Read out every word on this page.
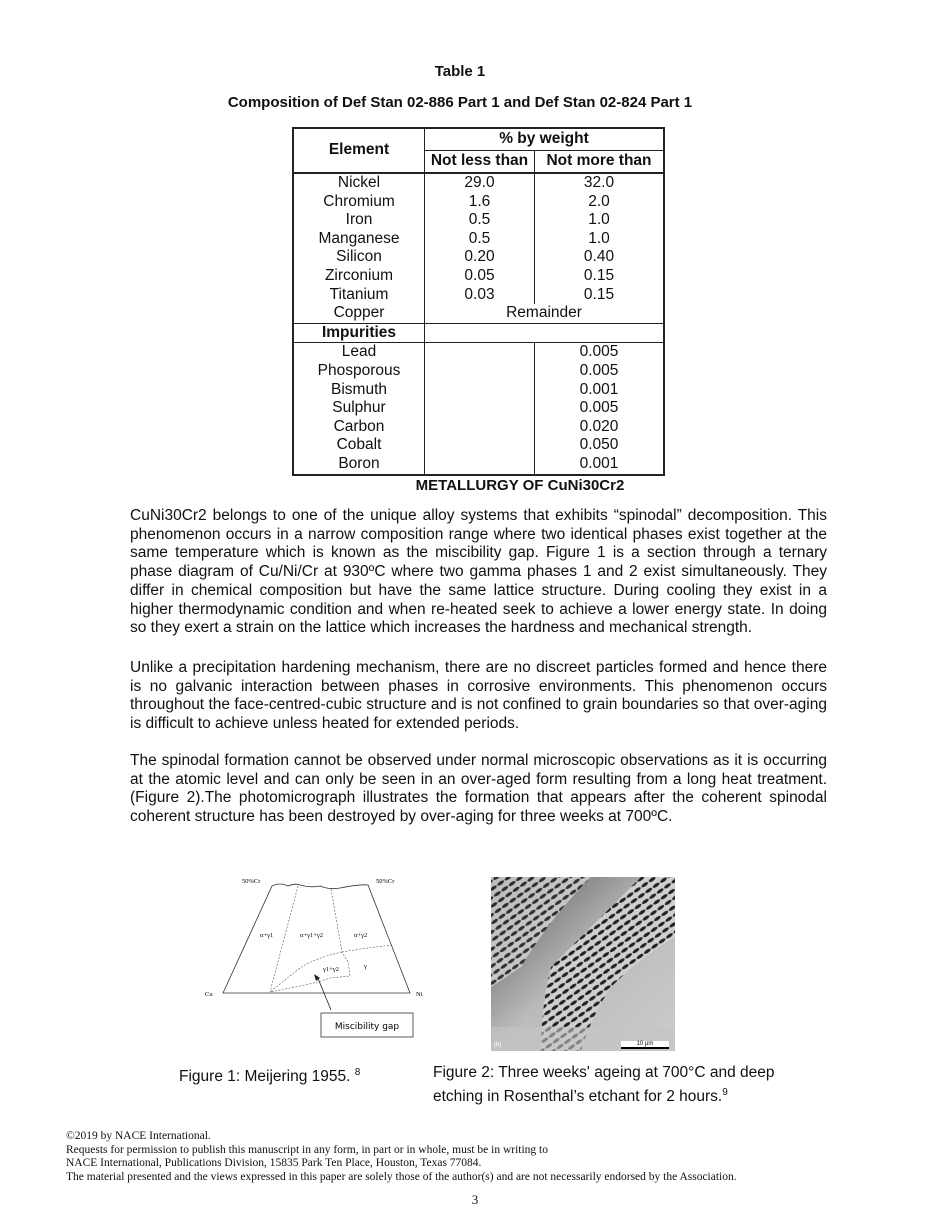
Table 1
Composition of Def Stan 02-886 Part 1 and Def Stan 02-824 Part 1
Element	% by weight	
	Not less than	Not more than
Nickel	29.0	32.0
Chromium	1.6	2.0
Iron	0.5	1.0
Manganese	0.5	1.0
Silicon	0.20	0.40
Zirconium	0.05	0.15
Titanium	0.03	0.15
Copper	Remainder	
Impurities		
Lead		0.005
Phosporous		0.005
Bismuth		0.001
Sulphur		0.005
Carbon		0.020
Cobalt		0.050
Boron		0.001
METALLURGY OF CuNi30Cr2

CuNi30Cr2 belongs to one of the unique alloy systems that exhibits “spinodal” decomposition. This phenomenon occurs in a narrow composition range where two identical phases exist together at the same temperature which is known as the miscibility gap. Figure 1 is a section through a ternary phase diagram of Cu/Ni/Cr at 930ºC where two gamma phases 1 and 2 exist simultaneously. They differ in chemical composition but have the same lattice structure. During cooling they exist in a higher thermodynamic condition and when re-heated seek to achieve a lower energy state. In doing so they exert a strain on the lattice which increases the hardness and mechanical strength.

Unlike a precipitation hardening mechanism, there are no discreet particles formed and hence there is no galvanic interaction between phases in corrosive environments. This phenomenon occurs throughout the face-centred-cubic structure and is not confined to grain boundaries so that over-aging is difficult to achieve unless heated for extended periods.

The spinodal formation cannot be observed under normal microscopic observations as it is occurring at the atomic level and can only be seen in an over-aged form resulting from a long heat treatment. (Figure 2).The photomicrograph illustrates the formation that appears after the coherent spinodal coherent structure has been destroyed by over-aging for three weeks at 700ºC.

50%Cr	50%Cr
Cu	Ni
α+γ1	α+γ1+γ2	α+γ2
γ1+γ2	γ
Miscibility gap
(b)	10 μm
Figure 1: Meijering 1955. $^8$	Figure 2: Three weeks' ageing at 700°C and deep etching in Rosenthal’s etchant for 2 hours.$^9$
©2019 by NACE International.
Requests for permission to publish this manuscript in any form, in part or in whole, must be in writing to
NACE International, Publications Division, 15835 Park Ten Place, Houston, Texas 77084.
The material presented and the views expressed in this paper are solely those of the author(s) and are not necessarily endorsed by the Association.
3
